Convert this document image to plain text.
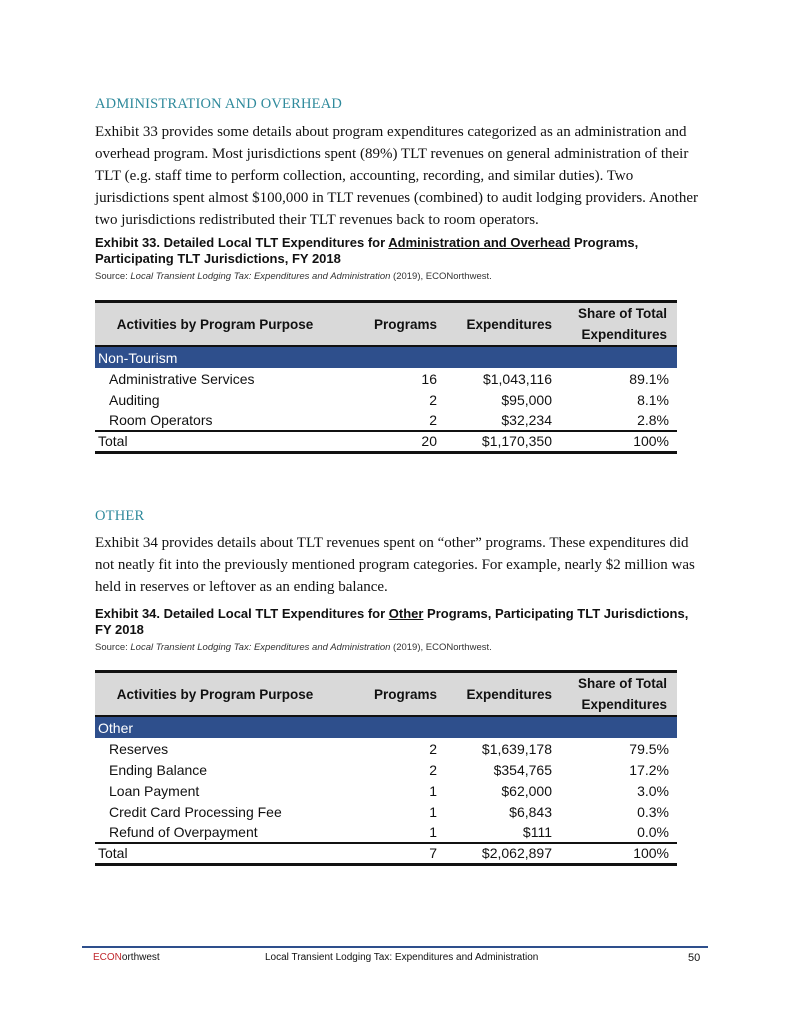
ADMINISTRATION AND OVERHEAD

Exhibit 33 provides some details about program expenditures categorized as an administration and overhead program. Most jurisdictions spent (89%) TLT revenues on general administration of their TLT (e.g. staff time to perform collection, accounting, recording, and similar duties). Two jurisdictions spent almost $100,000 in TLT revenues (combined) to audit lodging providers. Another two jurisdictions redistributed their TLT revenues back to room operators.

Exhibit 33. Detailed Local TLT Expenditures for Administration and Overhead Programs, Participating TLT Jurisdictions, FY 2018
Source: Local Transient Lodging Tax: Expenditures and Administration (2019), ECONorthwest.
Activities by Program Purpose	Programs	Expenditures	Share of Total Expenditures
Non-Tourism			
Administrative Services	16	$1,043,116	89.1%
Auditing	2	$95,000	8.1%
Room Operators	2	$32,234	2.8%
Total	20	$1,170,350	100%
OTHER

Exhibit 34 provides details about TLT revenues spent on “other” programs. These expenditures did not neatly fit into the previously mentioned program categories. For example, nearly $2 million was held in reserves or leftover as an ending balance.

Exhibit 34. Detailed Local TLT Expenditures for Other Programs, Participating TLT Jurisdictions, FY 2018
Source: Local Transient Lodging Tax: Expenditures and Administration (2019), ECONorthwest.
Activities by Program Purpose	Programs	Expenditures	Share of Total Expenditures
Other			
Reserves	2	$1,639,178	79.5%
Ending Balance	2	$354,765	17.2%
Loan Payment	1	$62,000	3.0%
Credit Card Processing Fee	1	$6,843	0.3%
Refund of Overpayment	1	$111	0.0%
Total	7	$2,062,897	100%
ECONorthwest	Local Transient Lodging Tax: Expenditures and Administration	50
